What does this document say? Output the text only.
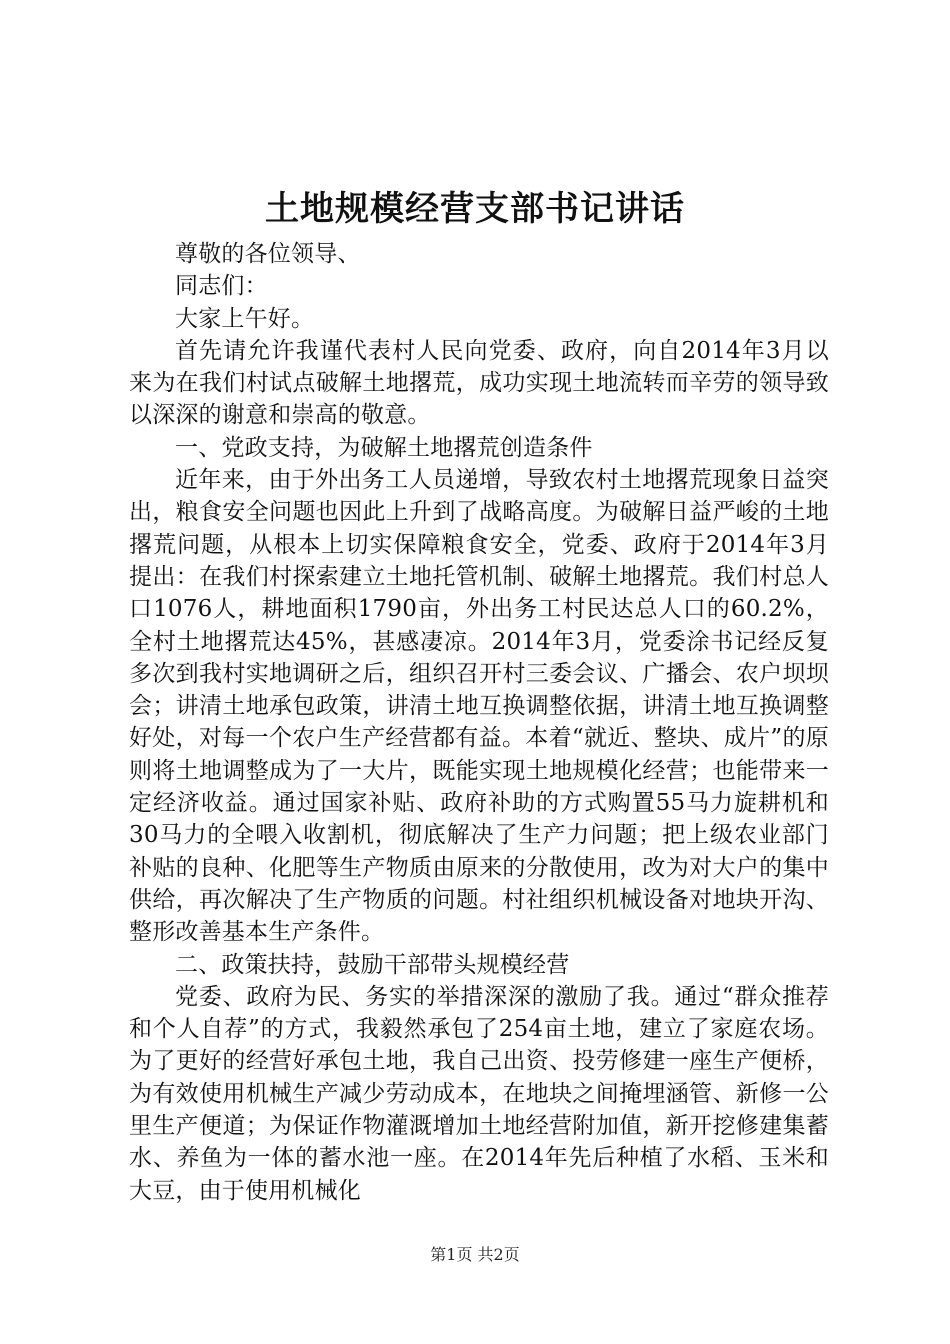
土地规模经营支部书记讲话

尊敬的各位领导、

同志们：

大家上午好。

首先请允许我谨代表村人民向党委、政府，向自2014年3月以来为在我们村试点破解土地撂荒，成功实现土地流转而辛劳的领导致以深深的谢意和崇高的敬意。

一、党政支持，为破解土地撂荒创造条件

近年来，由于外出务工人员递增，导致农村土地撂荒现象日益突出，粮食安全问题也因此上升到了战略高度。为破解日益严峻的土地撂荒问题，从根本上切实保障粮食安全，党委、政府于2014年3月提出：在我们村探索建立土地托管机制、破解土地撂荒。我们村总人口1076人，耕地面积1790亩，外出务工村民达总人口的60.2%，全村土地撂荒达45%，甚感凄凉。2014年3月，党委涂书记经反复多次到我村实地调研之后，组织召开村三委会议、广播会、农户坝坝会；讲清土地承包政策，讲清土地互换调整依据，讲清土地互换调整好处，对每一个农户生产经营都有益。本着“就近、整块、成片”的原则将土地调整成为了一大片，既能实现土地规模化经营；也能带来一定经济收益。通过国家补贴、政府补助的方式购置55马力旋耕机和30马力的全喂入收割机，彻底解决了生产力问题；把上级农业部门补贴的良种、化肥等生产物质由原来的分散使用，改为对大户的集中供给，再次解决了生产物质的问题。村社组织机械设备对地块开沟、整形改善基本生产条件。

二、政策扶持，鼓励干部带头规模经营

党委、政府为民、务实的举措深深的激励了我。通过“群众推荐和个人自荐”的方式，我毅然承包了254亩土地，建立了家庭农场。为了更好的经营好承包土地，我自己出资、投劳修建一座生产便桥，为有效使用机械生产减少劳动成本，在地块之间掩埋涵管、新修一公里生产便道；为保证作物灌溉增加土地经营附加值，新开挖修建集蓄水、养鱼为一体的蓄水池一座。在2014年先后种植了水稻、玉米和大豆，由于使用机械化

第1页 共2页
